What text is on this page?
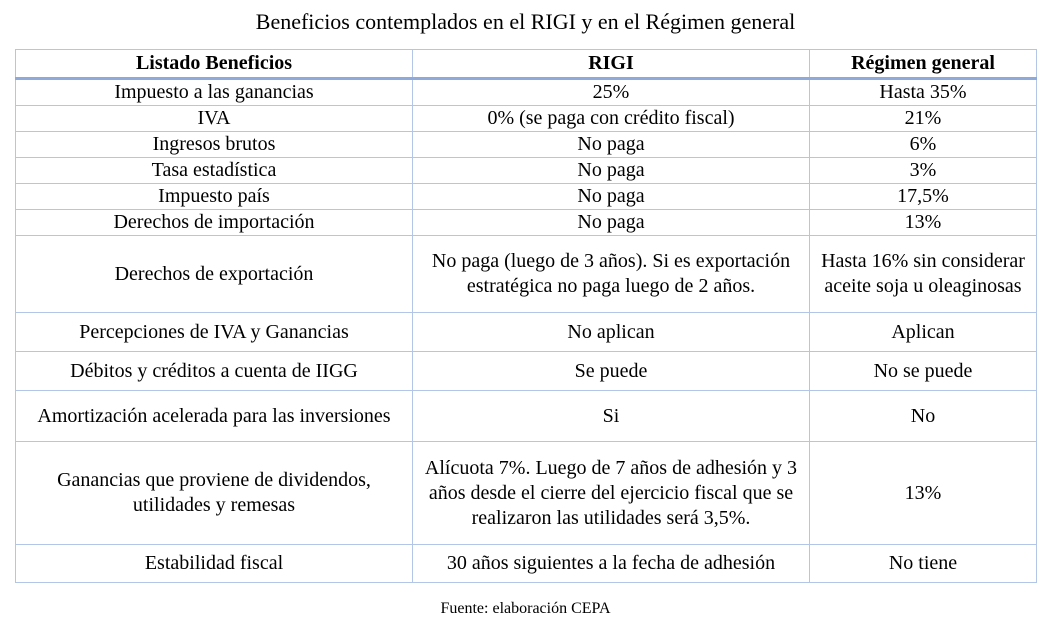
Beneficios contemplados en el RIGI y en el Régimen general
Listado Beneficios	RIGI	Régimen general
Impuesto a las ganancias	25%	Hasta 35%
IVA	0% (se paga con crédito fiscal)	21%
Ingresos brutos	No paga	6%
Tasa estadística	No paga	3%
Impuesto país	No paga	17,5%
Derechos de importación	No paga	13%
Derechos de exportación	No paga (luego de 3 años). Si es exportación estratégica no paga luego de 2 años.	Hasta 16% sin considerar aceite soja u oleaginosas
Percepciones de IVA y Ganancias	No aplican	Aplican
Débitos y créditos a cuenta de IIGG	Se puede	No se puede
Amortización acelerada para las inversiones	Si	No
Ganancias que proviene de dividendos, utilidades y remesas	Alícuota 7%. Luego de 7 años de adhesión y 3 años desde el cierre del ejercicio fiscal que se realizaron las utilidades será 3,5%.	13%
Estabilidad fiscal	30 años siguientes a la fecha de adhesión	No tiene
Fuente: elaboración CEPA
